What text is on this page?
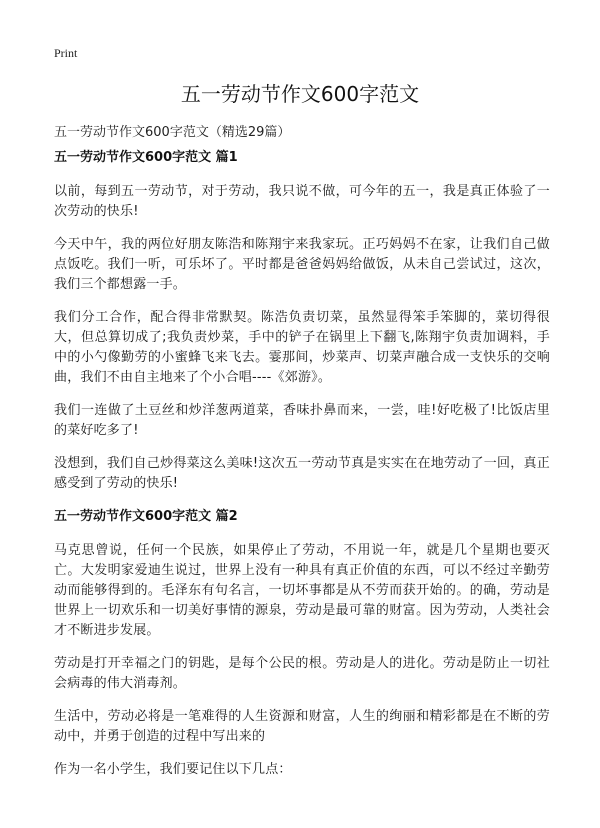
Print
五一劳动节作文600字范文
五一劳动节作文600字范文（精选29篇）
五一劳动节作文600字范文 篇1

以前，每到五一劳动节，对于劳动，我只说不做，可今年的五一，我是真正体验了一次劳动的快乐!

今天中午，我的两位好朋友陈浩和陈翔宇来我家玩。正巧妈妈不在家，让我们自己做点饭吃。我们一听，可乐坏了。平时都是爸爸妈妈给做饭，从未自己尝试过，这次，我们三个都想露一手。

我们分工合作，配合得非常默契。陈浩负责切菜，虽然显得笨手笨脚的，菜切得很大，但总算切成了;我负责炒菜，手中的铲子在锅里上下翻飞,陈翔宇负责加调料，手中的小勺像勤劳的小蜜蜂飞来飞去。霎那间，炒菜声、切菜声融合成一支快乐的交响曲，我们不由自主地来了个小合唱----《郊游》。

我们一连做了土豆丝和炒洋葱两道菜，香味扑鼻而来，一尝，哇!好吃极了!比饭店里的菜好吃多了!

没想到，我们自己炒得菜这么美味!这次五一劳动节真是实实在在地劳动了一回，真正感受到了劳动的快乐!

五一劳动节作文600字范文 篇2

马克思曾说，任何一个民族，如果停止了劳动，不用说一年，就是几个星期也要灭亡。大发明家爱迪生说过，世界上没有一种具有真正价值的东西，可以不经过辛勤劳动而能够得到的。毛泽东有句名言，一切坏事都是从不劳而获开始的。的确，劳动是世界上一切欢乐和一切美好事情的源泉，劳动是最可靠的财富。因为劳动，人类社会才不断进步发展。

劳动是打开幸福之门的钥匙，是每个公民的根。劳动是人的进化。劳动是防止一切社会病毒的伟大消毒剂。

生活中，劳动必将是一笔难得的人生资源和财富，人生的绚丽和精彩都是在不断的劳动中，并勇于创造的过程中写出来的

作为一名小学生，我们要记住以下几点：
